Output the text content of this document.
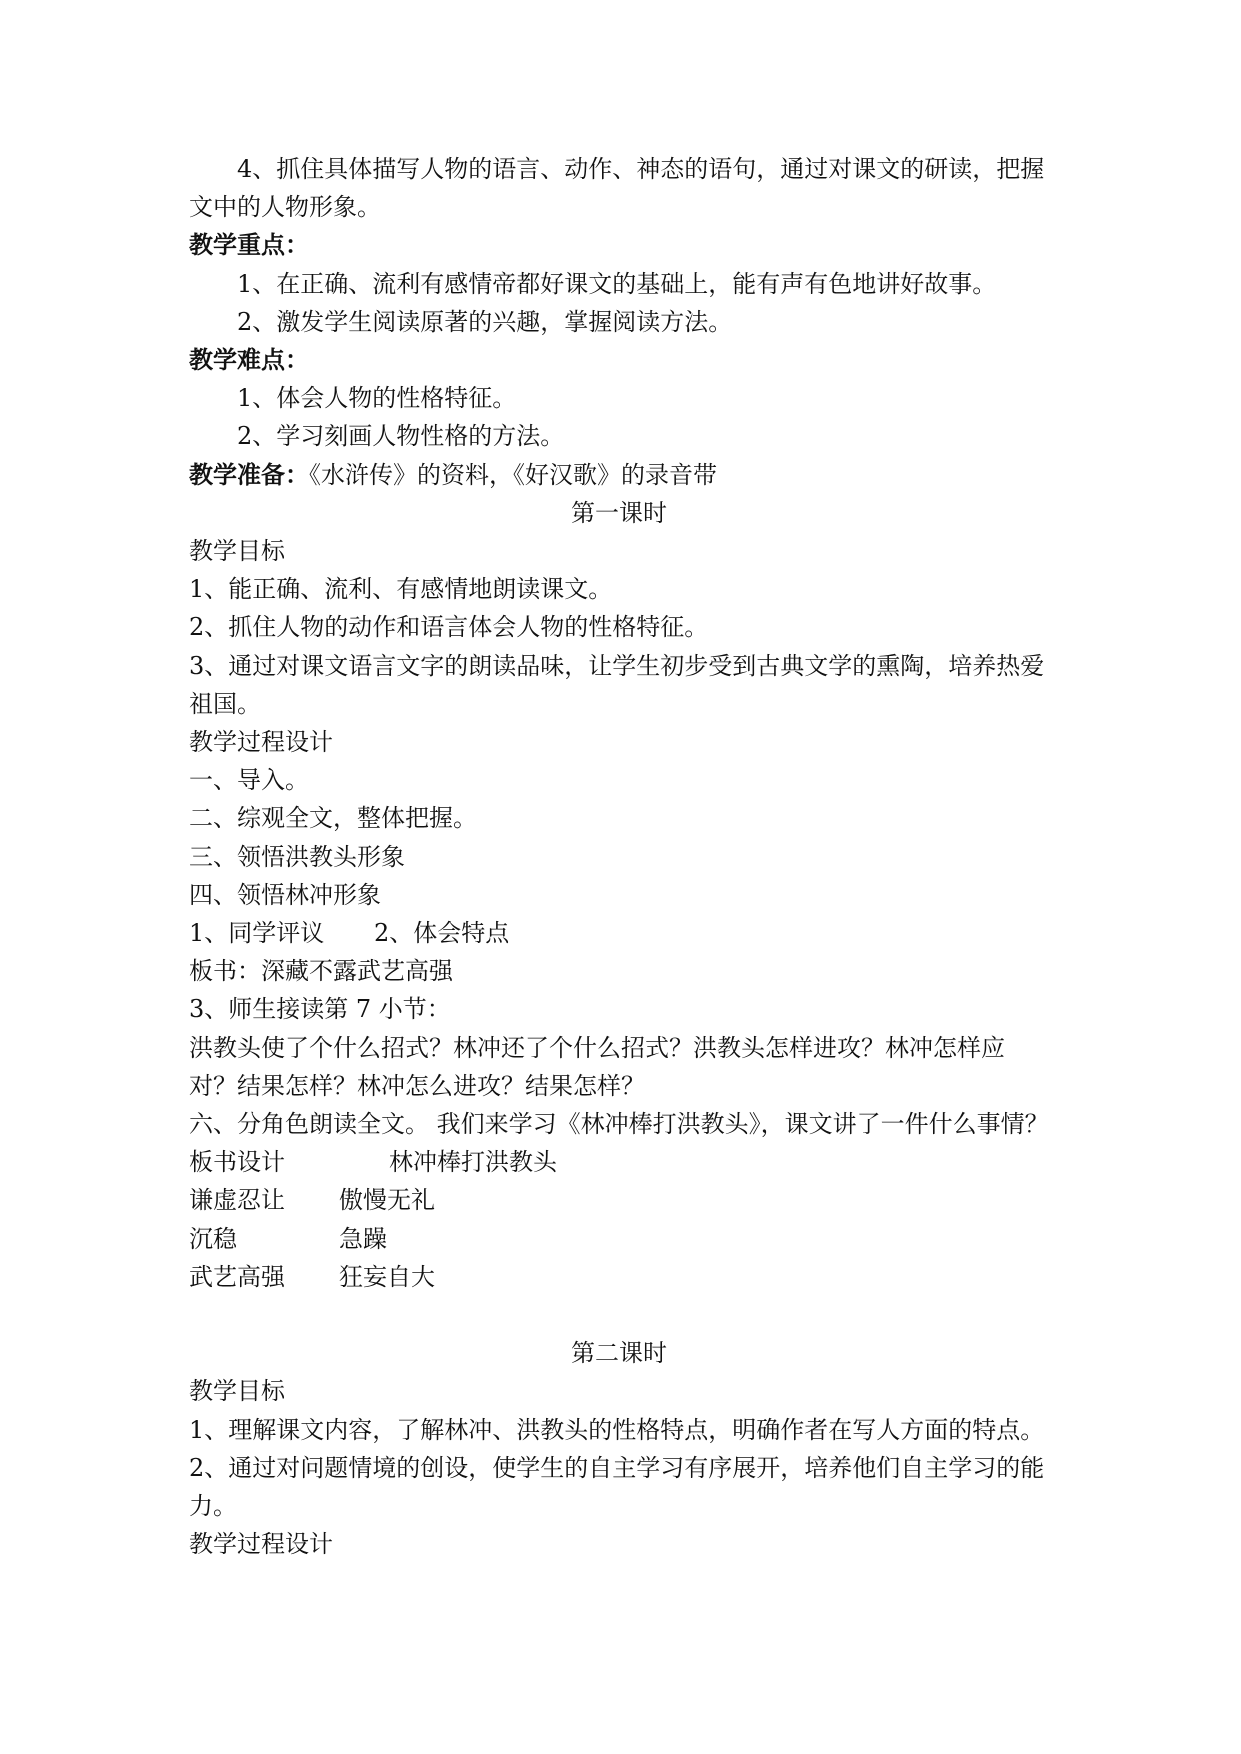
4、抓住具体描写人物的语言、动作、神态的语句，通过对课文的研读，把握文中的人物形象。

教学重点：

1、在正确、流利有感情帝都好课文的基础上，能有声有色地讲好故事。

2、激发学生阅读原著的兴趣，掌握阅读方法。

教学难点：

1、体会人物的性格特征。

2、学习刻画人物性格的方法。

教学准备：《水浒传》的资料，《好汉歌》的录音带

第一课时

教学目标

1、能正确、流利、有感情地朗读课文。

2、抓住人物的动作和语言体会人物的性格特征。

3、通过对课文语言文字的朗读品味，让学生初步受到古典文学的熏陶，培养热爱祖国。

教学过程设计

一、导入。

二、综观全文，整体把握。

三、领悟洪教头形象

四、领悟林冲形象

1、同学评议 2、体会特点

板书：深藏不露武艺高强

3、师生接读第 7 小节：

洪教头使了个什么招式？林冲还了个什么招式？洪教头怎样进攻？林冲怎样应对？结果怎样？林冲怎么进攻？结果怎样？

六、分角色朗读全文。 我们来学习《林冲棒打洪教头》，课文讲了一件什么事情？

板书设计	林冲棒打洪教头

谦虚忍让 傲慢无礼

沉稳	急躁

武艺高强 狂妄自大

第二课时

教学目标

1、理解课文内容，了解林冲、洪教头的性格特点，明确作者在写人方面的特点。

2、通过对问题情境的创设，使学生的自主学习有序展开，培养他们自主学习的能力。

教学过程设计
